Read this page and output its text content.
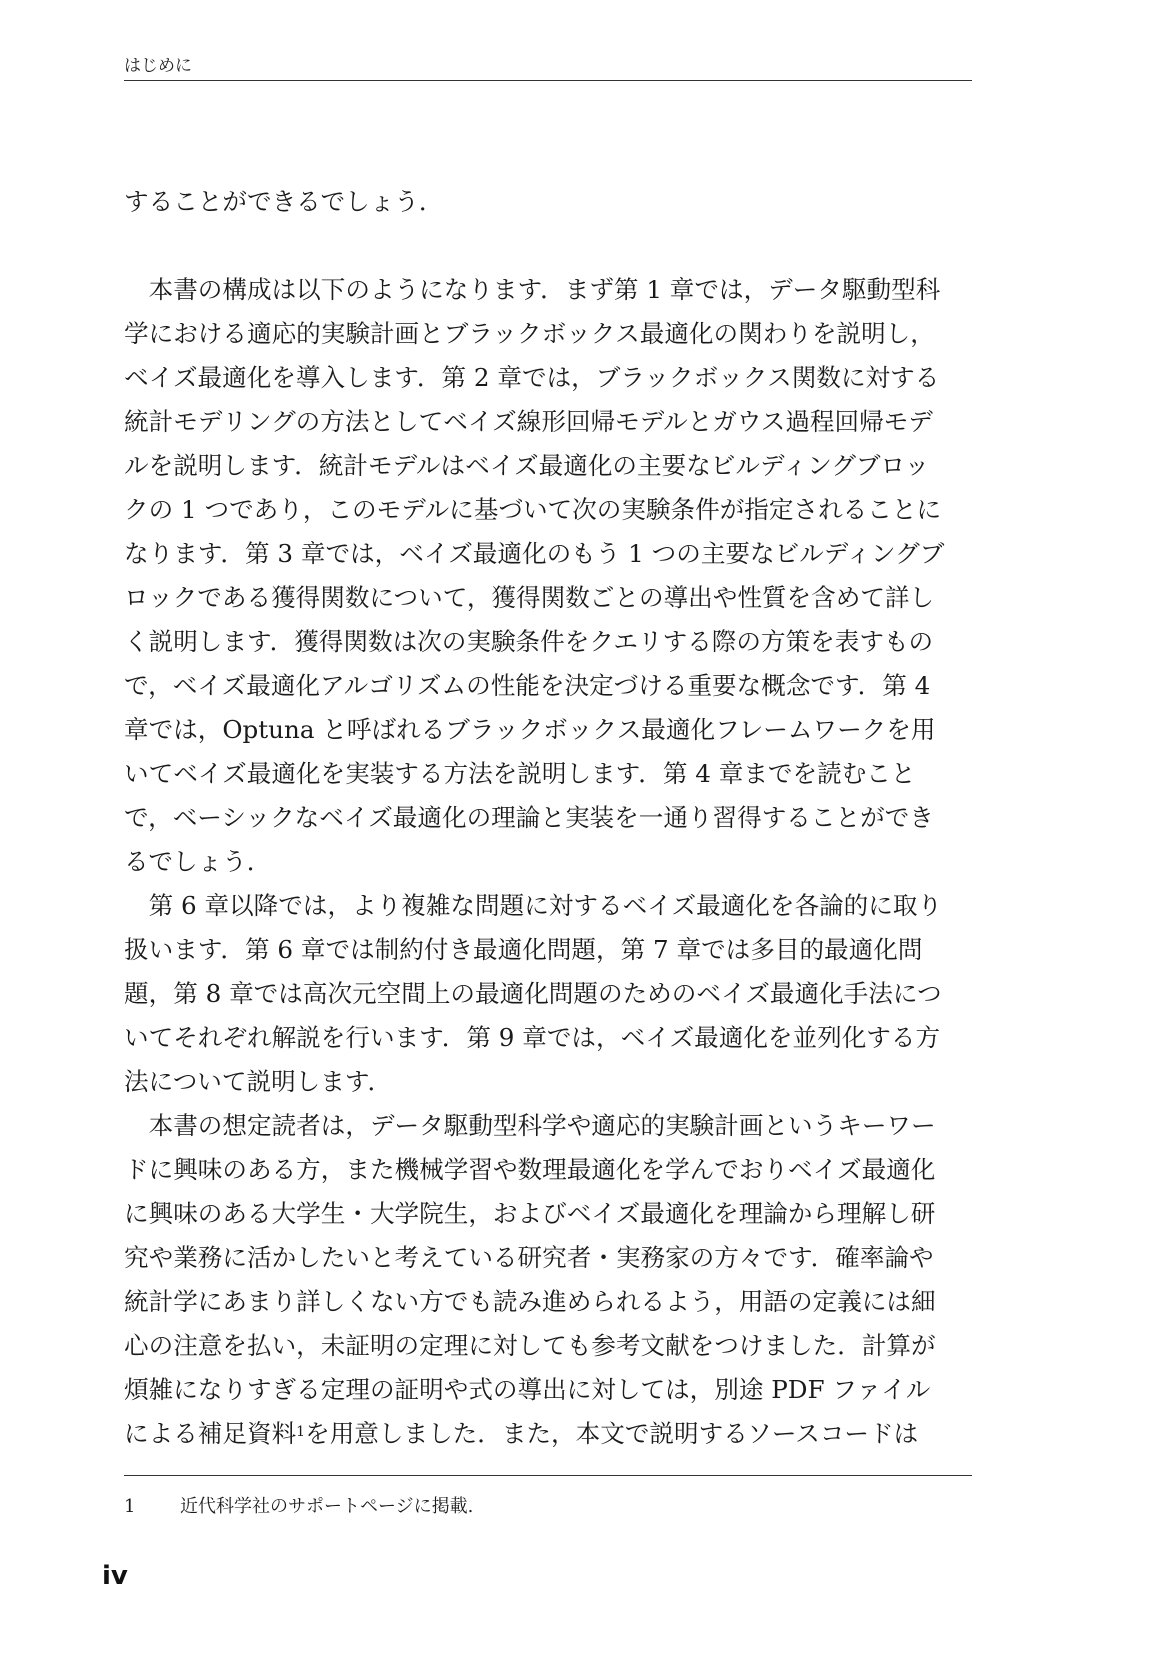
はじめに
することができるでしょう．
　本書の構成は以下のようになります．まず第 1 章では，データ駆動型科
学における適応的実験計画とブラックボックス最適化の関わりを説明し，
ベイズ最適化を導入します．第 2 章では，ブラックボックス関数に対する
統計モデリングの方法としてベイズ線形回帰モデルとガウス過程回帰モデ
ルを説明します．統計モデルはベイズ最適化の主要なビルディングブロッ
クの 1 つであり，このモデルに基づいて次の実験条件が指定されることに
なります．第 3 章では，ベイズ最適化のもう 1 つの主要なビルディングブ
ロックである獲得関数について，獲得関数ごとの導出や性質を含めて詳し
く説明します．獲得関数は次の実験条件をクエリする際の方策を表すもの
で，ベイズ最適化アルゴリズムの性能を決定づける重要な概念です．第 4
章では，Optuna と呼ばれるブラックボックス最適化フレームワークを用
いてベイズ最適化を実装する方法を説明します．第 4 章までを読むこと
で，ベーシックなベイズ最適化の理論と実装を一通り習得することができ
るでしょう．
　第 6 章以降では，より複雑な問題に対するベイズ最適化を各論的に取り
扱います．第 6 章では制約付き最適化問題，第 7 章では多目的最適化問
題，第 8 章では高次元空間上の最適化問題のためのベイズ最適化手法につ
いてそれぞれ解説を行います．第 9 章では，ベイズ最適化を並列化する方
法について説明します．
　本書の想定読者は，データ駆動型科学や適応的実験計画というキーワー
ドに興味のある方，また機械学習や数理最適化を学んでおりベイズ最適化
に興味のある大学生・大学院生，およびベイズ最適化を理論から理解し研
究や業務に活かしたいと考えている研究者・実務家の方々です．確率論や
統計学にあまり詳しくない方でも読み進められるよう，用語の定義には細
心の注意を払い，未証明の定理に対しても参考文献をつけました．計算が
煩雑になりすぎる定理の証明や式の導出に対しては，別途 PDF ファイル
による補足資料$^1$を用意しました．また，本文で説明するソースコードは
1 近代科学社のサポートページに掲載.
iv
